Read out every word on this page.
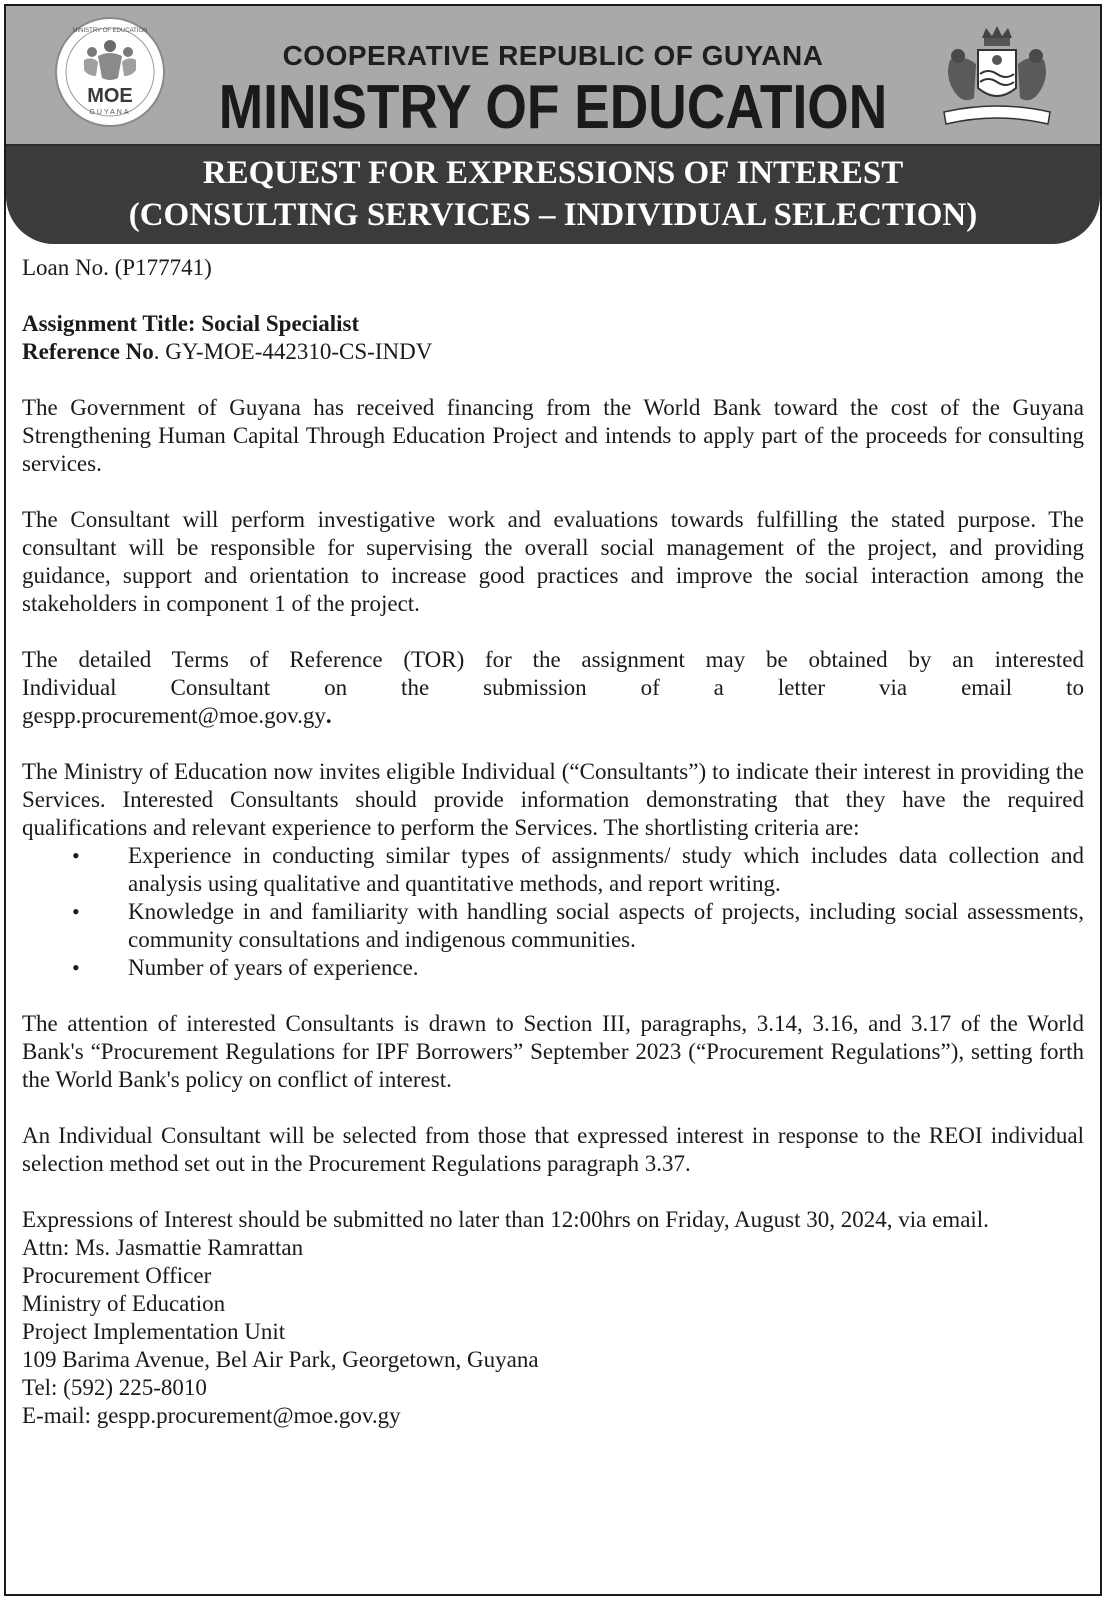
MOE
GUYANA
MINISTRY OF EDUCATION
COOPERATIVE REPUBLIC OF GUYANA
MINISTRY OF EDUCATION
REQUEST FOR EXPRESSIONS OF INTEREST
(CONSULTING SERVICES – INDIVIDUAL SELECTION)

Loan No. (P177741)

Assignment Title: Social Specialist

Reference No. GY-MOE-442310-CS-INDV

The Government of Guyana has received financing from the World Bank toward the cost of the Guyana Strengthening Human Capital Through Education Project and intends to apply part of the proceeds for consulting services.

The Consultant will perform investigative work and evaluations towards fulfilling the stated purpose. The consultant will be responsible for supervising the overall social management of the project, and providing guidance, support and orientation to increase good practices and improve the social interaction among the stakeholders in component 1 of the project.

The detailed Terms of Reference (TOR) for the assignment may be obtained by an interested

Individual Consultant on the submission of a letter via email to

gespp.procurement@moe.gov.gy.

The Ministry of Education now invites eligible Individual (“Consultants”) to indicate their interest in providing the Services. Interested Consultants should provide information demonstrating that they have the required qualifications and relevant experience to perform the Services. The shortlisting criteria are:

• Experience in conducting similar types of assignments/ study which includes data collection and analysis using qualitative and quantitative methods, and report writing.
• Knowledge in and familiarity with handling social aspects of projects, including social assessments, community consultations and indigenous communities.
• Number of years of experience.

The attention of interested Consultants is drawn to Section III, paragraphs, 3.14, 3.16, and 3.17 of the World Bank's “Procurement Regulations for IPF Borrowers” September 2023 (“Procurement Regulations”), setting forth the World Bank's policy on conflict of interest.

An Individual Consultant will be selected from those that expressed interest in response to the REOI individual selection method set out in the Procurement Regulations paragraph 3.37.

Expressions of Interest should be submitted no later than 12:00hrs on Friday, August 30, 2024, via email.

Attn: Ms. Jasmattie Ramrattan

Procurement Officer

Ministry of Education

Project Implementation Unit

109 Barima Avenue, Bel Air Park, Georgetown, Guyana

Tel: (592) 225-8010

E-mail: gespp.procurement@moe.gov.gy
